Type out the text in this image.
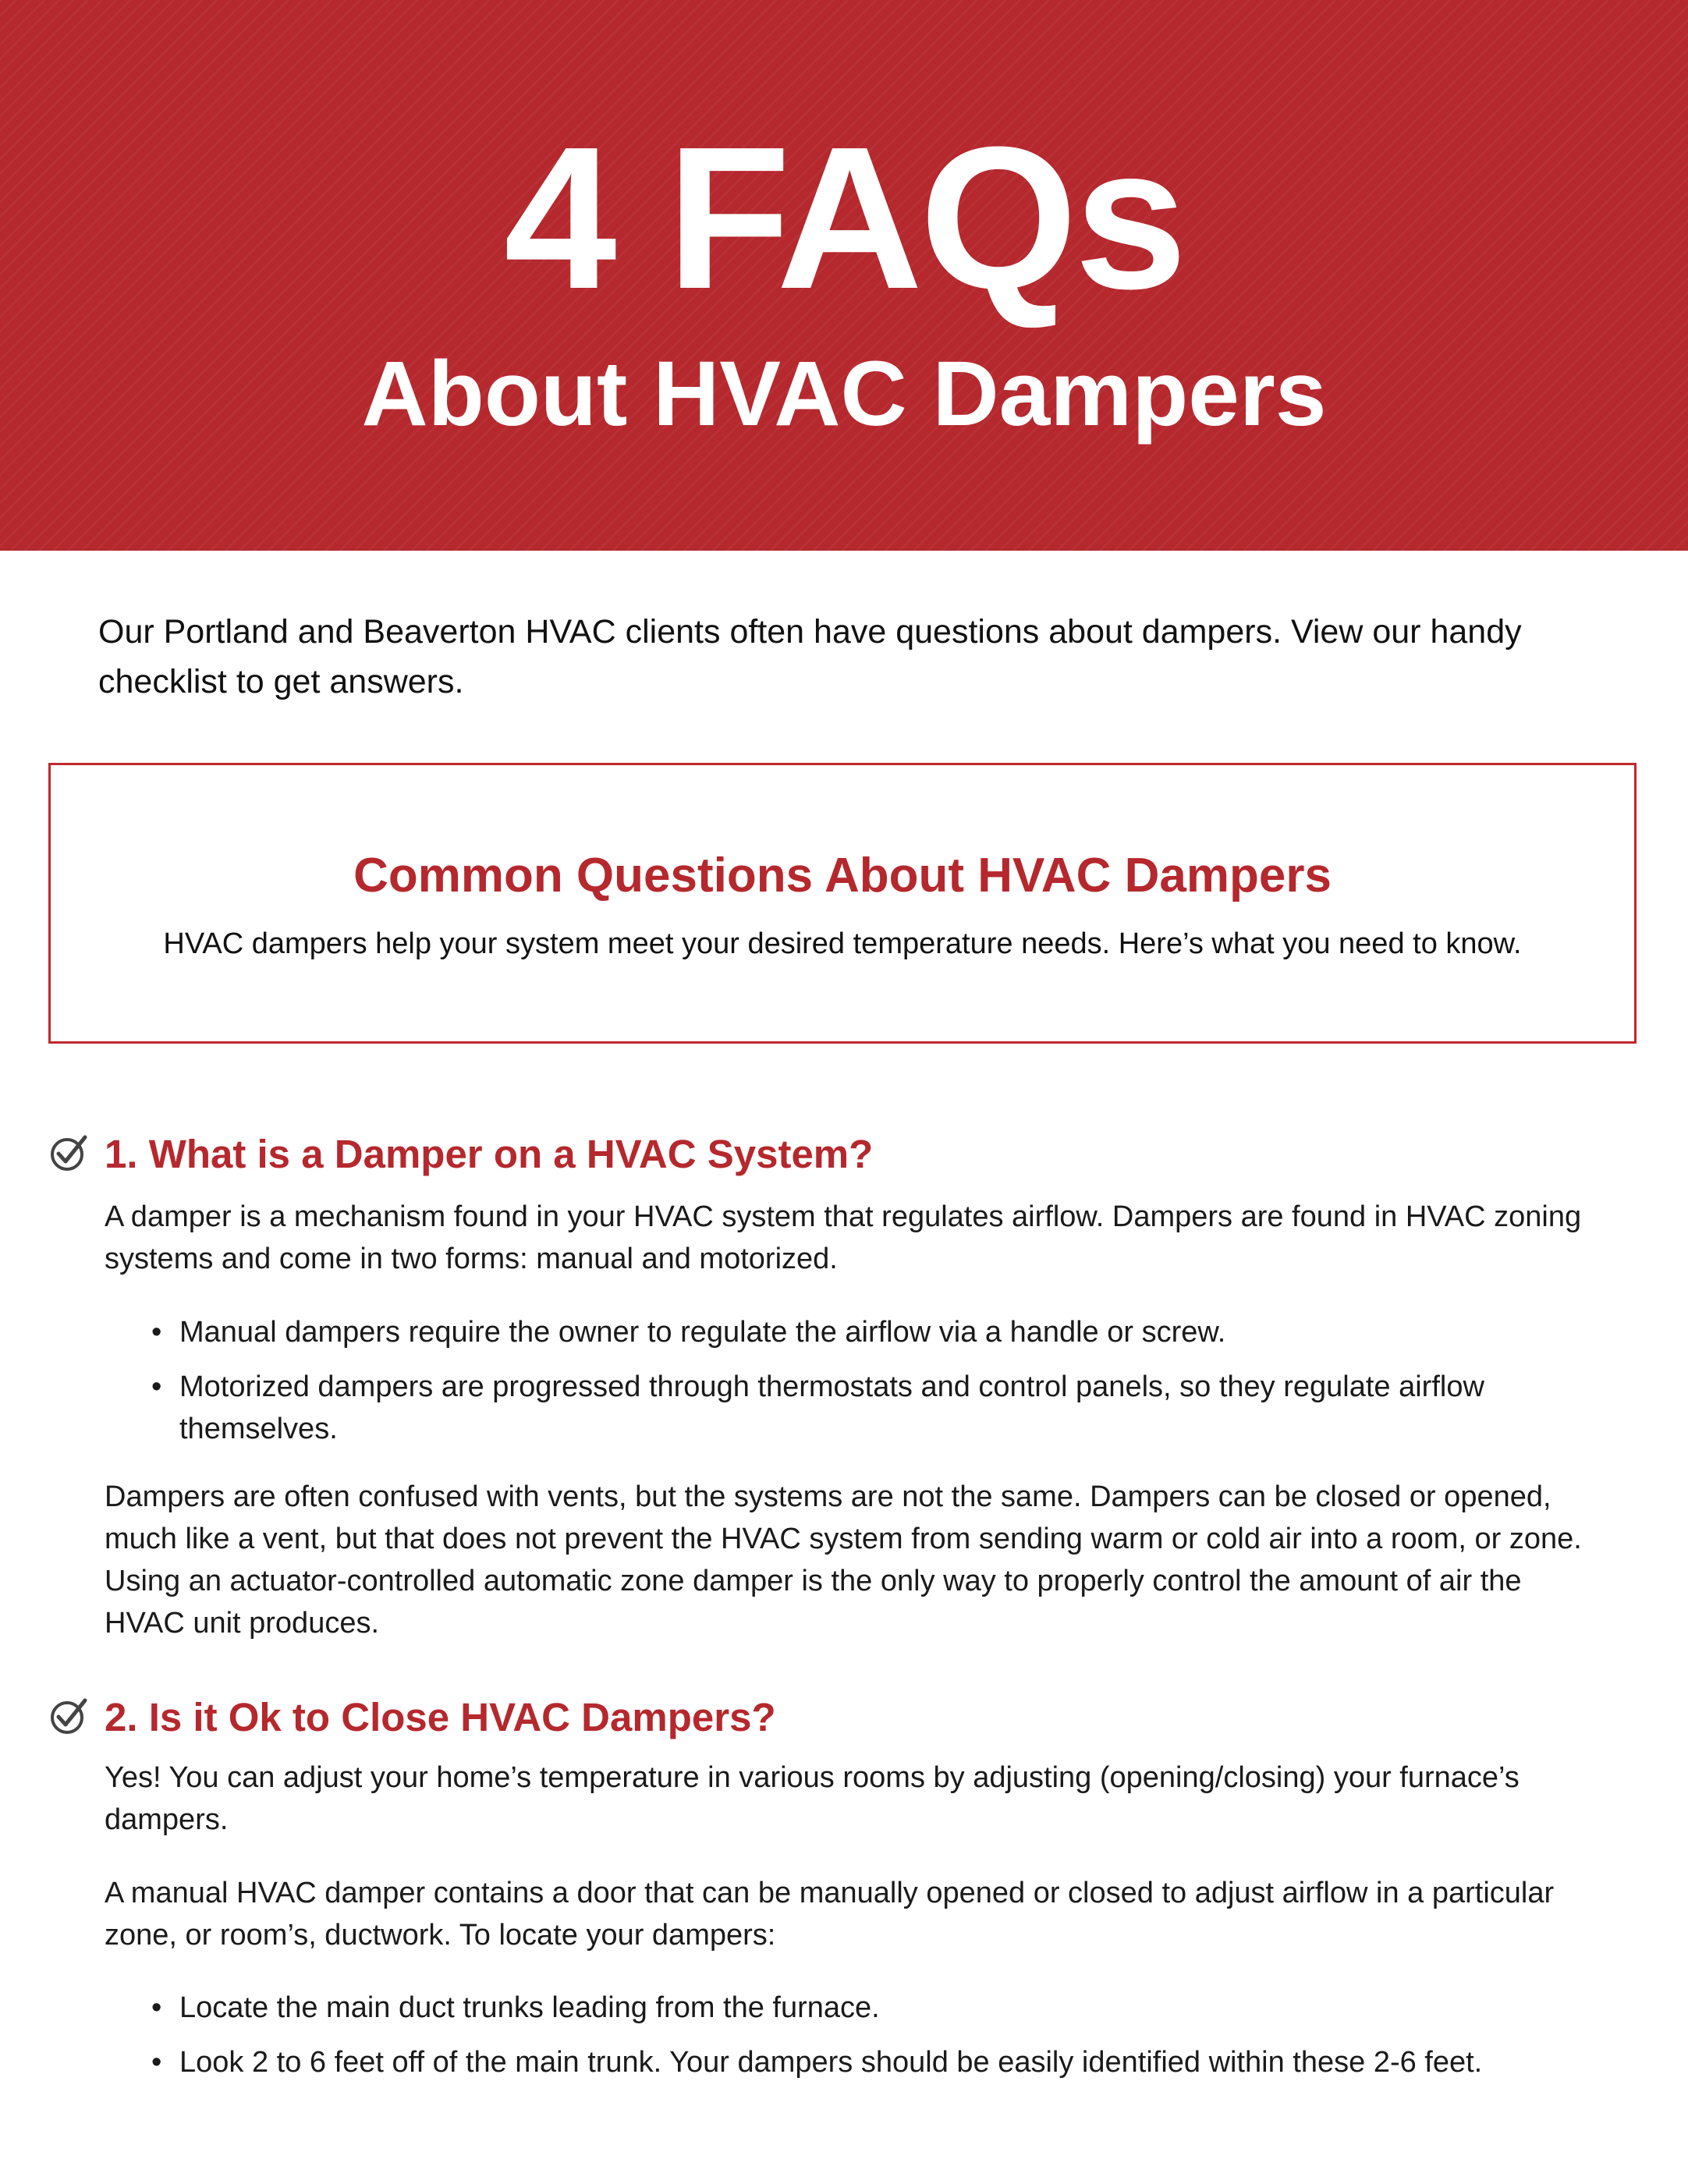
4 FAQs
About HVAC Dampers
Our Portland and Beaverton HVAC clients often have questions about dampers. View our handy checklist to get answers.
Common Questions About HVAC Dampers
HVAC dampers help your system meet your desired temperature needs. Here’s what you need to know.
1. What is a Damper on a HVAC System?
A damper is a mechanism found in your HVAC system that regulates airflow. Dampers are found in HVAC zoning systems and come in two forms: manual and motorized.
• Manual dampers require the owner to regulate the airflow via a handle or screw.
• Motorized dampers are progressed through thermostats and control panels, so they regulate airflow themselves.
Dampers are often confused with vents, but the systems are not the same. Dampers can be closed or opened, much like a vent, but that does not prevent the HVAC system from sending warm or cold air into a room, or zone. Using an actuator-controlled automatic zone damper is the only way to properly control the amount of air the HVAC unit produces.
2. Is it Ok to Close HVAC Dampers?
Yes! You can adjust your home’s temperature in various rooms by adjusting (opening/closing) your furnace’s dampers.
A manual HVAC damper contains a door that can be manually opened or closed to adjust airflow in a particular zone, or room’s, ductwork. To locate your dampers:
• Locate the main duct trunks leading from the furnace.
• Look 2 to 6 feet off of the main trunk. Your dampers should be easily identified within these 2-6 feet.
